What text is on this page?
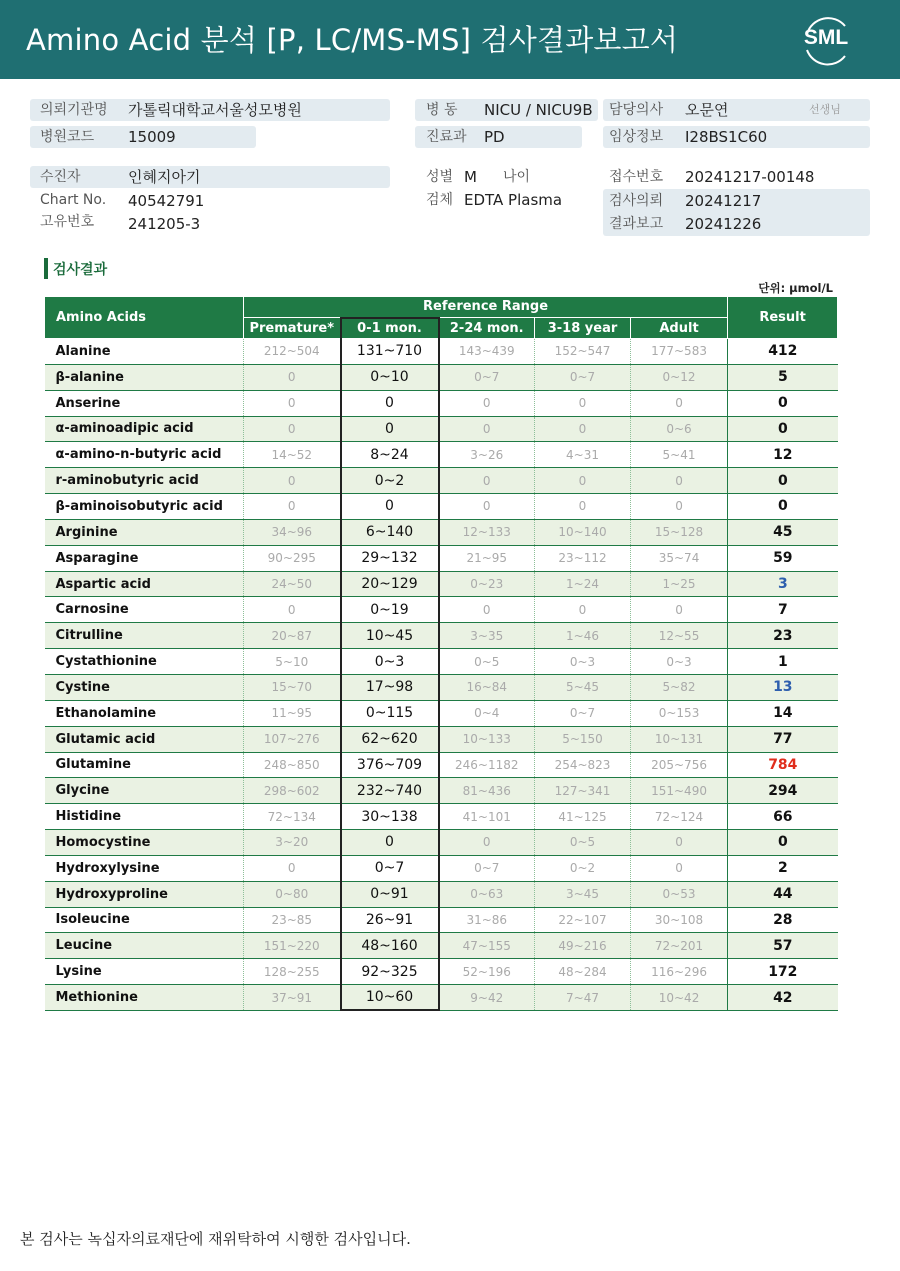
Amino Acid 분석 [P, LC/MS-MS] 검사결과보고서	SML
의뢰기관명 가톨릭대학교서울성모병원
병원코드 15009
병 동 NICU / NICU9B
진료과 PD
담당의사 오문연	선생님
임상정보 I28BS1C60
수진자	인혜지아기
Chart No. 40542791
고유번호 241205-3
성별 M 나이
검체 EDTA Plasma
접수번호 20241217-00148
검사의뢰 20241217
결과보고 20241226
검사결과
단위: μmol/L
Amino Acids	Reference Range					Result
	Premature*	0-1 mon.	2-24 mon.	3-18 year	Adult	
Alanine	212~504	131~710	143~439	152~547	177~583	412
β-alanine	0	0~10	0~7	0~7	0~12	5
Anserine	0	0	0	0	0	0
α-aminoadipic acid	0	0	0	0	0~6	0
α-amino-n-butyric acid	14~52	8~24	3~26	4~31	5~41	12
r-aminobutyric acid	0	0~2	0	0	0	0
β-aminoisobutyric acid	0	0	0	0	0	0
Arginine	34~96	6~140	12~133	10~140	15~128	45
Asparagine	90~295	29~132	21~95	23~112	35~74	59
Aspartic acid	24~50	20~129	0~23	1~24	1~25	3
Carnosine	0	0~19	0	0	0	7
Citrulline	20~87	10~45	3~35	1~46	12~55	23
Cystathionine	5~10	0~3	0~5	0~3	0~3	1
Cystine	15~70	17~98	16~84	5~45	5~82	13
Ethanolamine	11~95	0~115	0~4	0~7	0~153	14
Glutamic acid	107~276	62~620	10~133	5~150	10~131	77
Glutamine	248~850	376~709	246~1182	254~823	205~756	784
Glycine	298~602	232~740	81~436	127~341	151~490	294
Histidine	72~134	30~138	41~101	41~125	72~124	66
Homocystine	3~20	0	0	0~5	0	0
Hydroxylysine	0	0~7	0~7	0~2	0	2
Hydroxyproline	0~80	0~91	0~63	3~45	0~53	44
Isoleucine	23~85	26~91	31~86	22~107	30~108	28
Leucine	151~220	48~160	47~155	49~216	72~201	57
Lysine	128~255	92~325	52~196	48~284	116~296	172
Methionine	37~91	10~60	9~42	7~47	10~42	42
본 검사는 녹십자의료재단에 재위탁하여 시행한 검사입니다.
